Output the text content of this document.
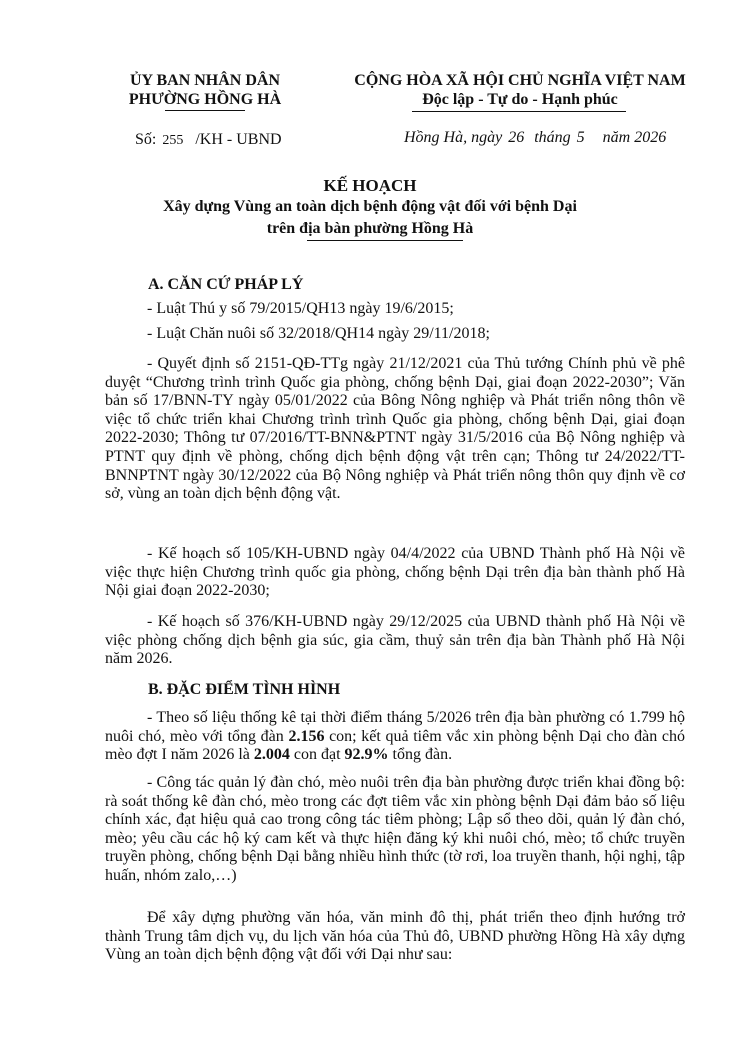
ỦY BAN NHÂN DÂN
PHƯỜNG HỒNG HÀ
CỘNG HÒA XÃ HỘI CHỦ NGHĨA VIỆT NAM
Độc lập - Tự do - Hạnh phúc
Số: 255 /KH - UBND	Hồng Hà, ngày 26 tháng 5 năm 2026
KẾ HOẠCH
Xây dựng Vùng an toàn dịch bệnh động vật đối với bệnh Dại
trên địa bàn phường Hồng Hà
A. CĂN CỨ PHÁP LÝ

- Luật Thú y số 79/2015/QH13 ngày 19/6/2015;

- Luật Chăn nuôi số 32/2018/QH14 ngày 29/11/2018;

- Quyết định số 2151-QĐ-TTg ngày 21/12/2021 của Thủ tướng Chính phủ về phê duyệt “Chương trình trình Quốc gia phòng, chống bệnh Dại, giai đoạn 2022-2030”; Văn bản số 17/BNN-TY ngày 05/01/2022 của Bông Nông nghiệp và Phát triển nông thôn về việc tổ chức triển khai Chương trình trình Quốc gia phòng, chống bệnh Dại, giai đoạn 2022-2030; Thông tư 07/2016/TT-BNN&PTNT ngày 31/5/2016 của Bộ Nông nghiệp và PTNT quy định về phòng, chống dịch bệnh động vật trên cạn; Thông tư 24/2022/TT-BNNPTNT ngày 30/12/2022 của Bộ Nông nghiệp và Phát triển nông thôn quy định về cơ sở, vùng an toàn dịch bệnh động vật.

- Kế hoạch số 105/KH-UBND ngày 04/4/2022 của UBND Thành phố Hà Nội về việc thực hiện Chương trình quốc gia phòng, chống bệnh Dại trên địa bàn thành phố Hà Nội giai đoạn 2022-2030;

- Kế hoạch số 376/KH-UBND ngày 29/12/2025 của UBND thành phố Hà Nội về việc phòng chống dịch bệnh gia súc, gia cầm, thuỷ sản trên địa bàn Thành phố Hà Nội năm 2026.

B. ĐẶC ĐIỂM TÌNH HÌNH

- Theo số liệu thống kê tại thời điểm tháng 5/2026 trên địa bàn phường có 1.799 hộ nuôi chó, mèo với tổng đàn 2.156 con; kết quả tiêm vắc xin phòng bệnh Dại cho đàn chó mèo đợt I năm 2026 là 2.004 con đạt 92.9% tổng đàn.

- Công tác quản lý đàn chó, mèo nuôi trên địa bàn phường được triển khai đồng bộ: rà soát thống kê đàn chó, mèo trong các đợt tiêm vắc xin phòng bệnh Dại đảm bảo số liệu chính xác, đạt hiệu quả cao trong công tác tiêm phòng; Lập sổ theo dõi, quản lý đàn chó, mèo; yêu cầu các hộ ký cam kết và thực hiện đăng ký khi nuôi chó, mèo; tổ chức truyền truyền phòng, chống bệnh Dại bằng nhiều hình thức (tờ rơi, loa truyền thanh, hội nghị, tập huấn, nhóm zalo,…)

Để xây dựng phường văn hóa, văn minh đô thị, phát triển theo định hướng trở thành Trung tâm dịch vụ, du lịch văn hóa của Thủ đô, UBND phường Hồng Hà xây dựng Vùng an toàn dịch bệnh động vật đối với Dại như sau:
